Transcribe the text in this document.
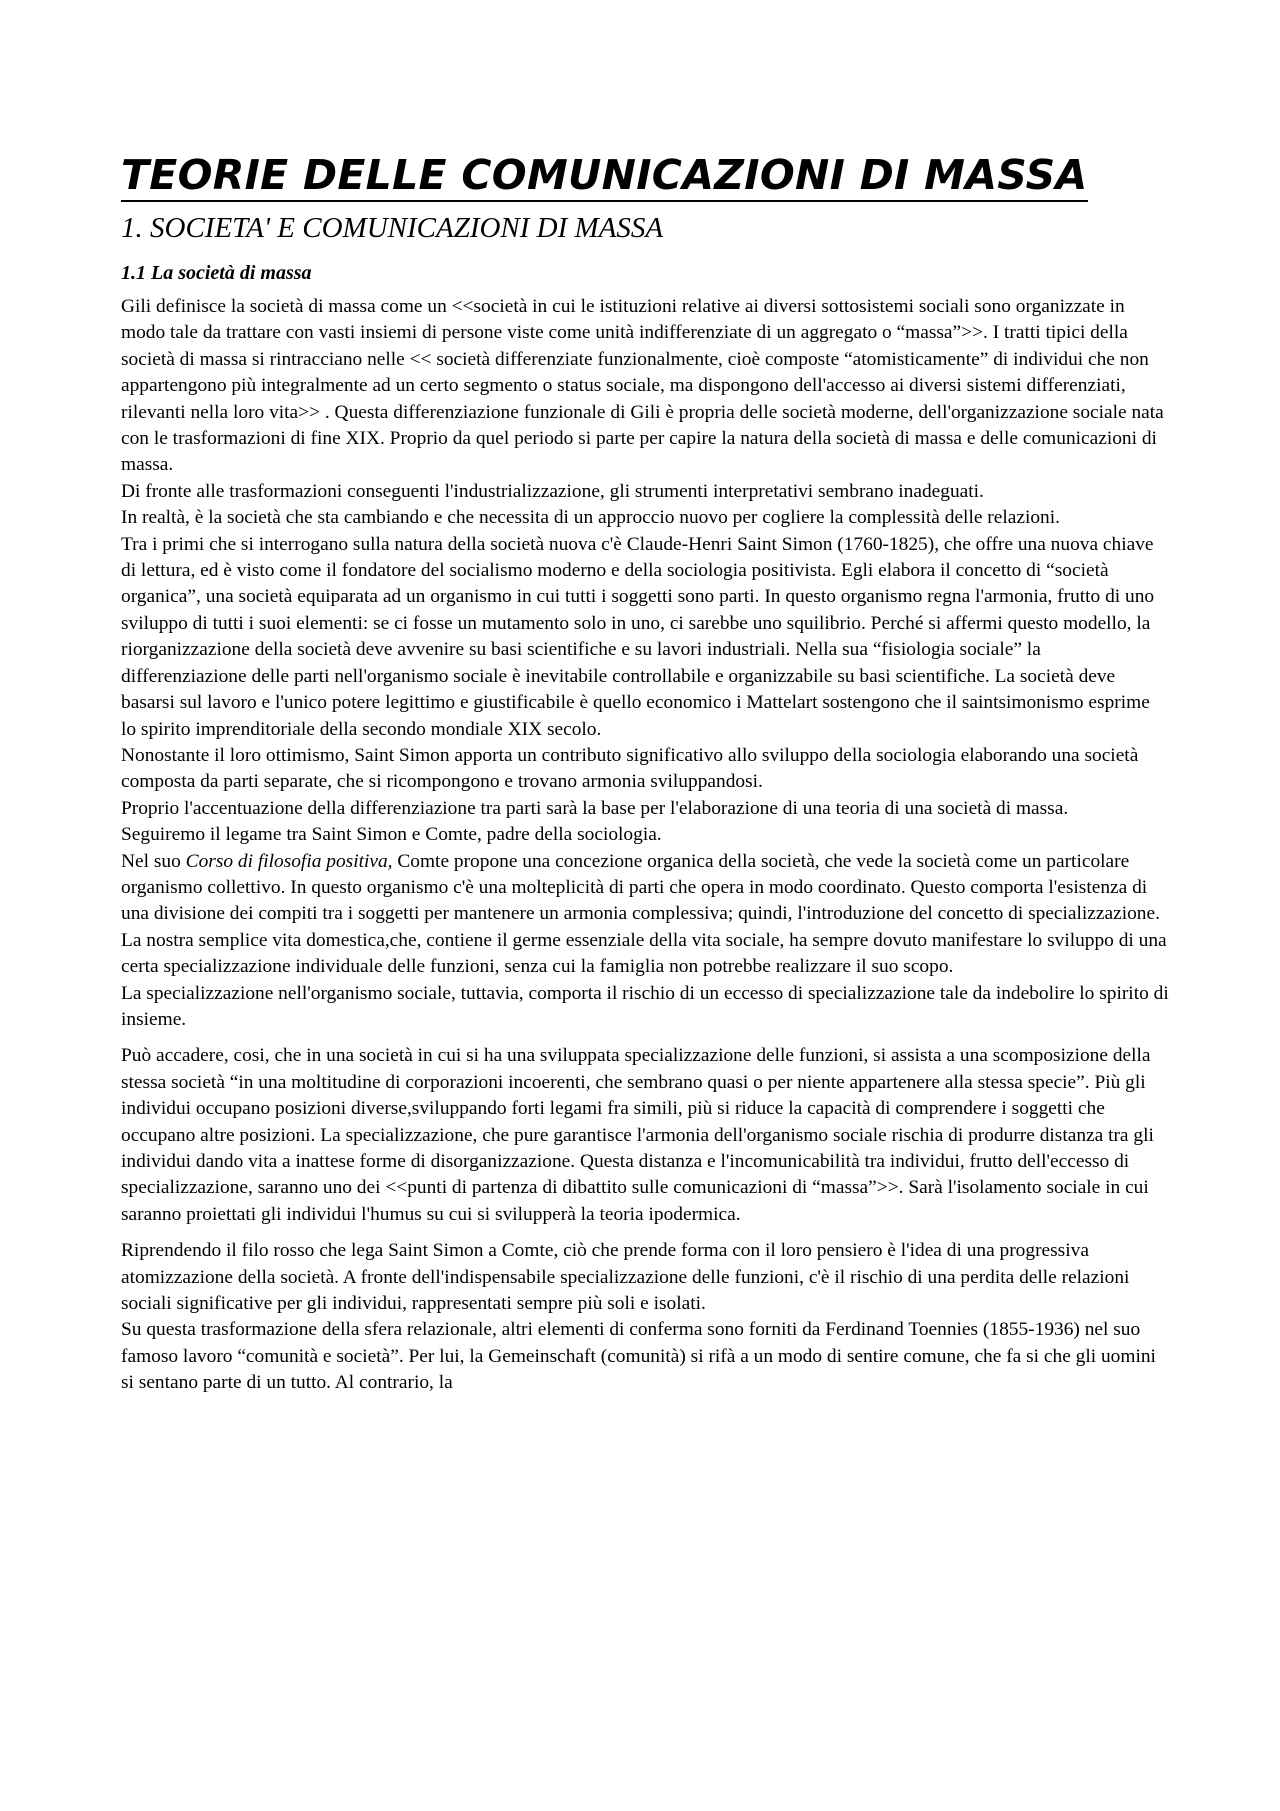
TEORIE DELLE COMUNICAZIONI DI MASSA
1. SOCIETA' E COMUNICAZIONI DI MASSA
1.1 La società di massa

Gili definisce la società di massa come un <<società in cui le istituzioni relative ai diversi sottosistemi sociali sono organizzate in modo tale da trattare con vasti insiemi di persone viste come unità indifferenziate di un aggregato o “massa”>>. I tratti tipici della società di massa si rintracciano nelle << società differenziate funzionalmente, cioè composte “atomisticamente” di individui che non appartengono più integralmente ad un certo segmento o status sociale, ma dispongono dell'accesso ai diversi sistemi differenziati, rilevanti nella loro vita>> . Questa differenziazione funzionale di Gili è propria delle società moderne, dell'organizzazione sociale nata con le trasformazioni di fine XIX. Proprio da quel periodo si parte per capire la natura della società di massa e delle comunicazioni di massa.

Di fronte alle trasformazioni conseguenti l'industrializzazione, gli strumenti interpretativi sembrano inadeguati.

In realtà, è la società che sta cambiando e che necessita di un approccio nuovo per cogliere la complessità delle relazioni.

Tra i primi che si interrogano sulla natura della società nuova c'è Claude-Henri Saint Simon (1760-1825), che offre una nuova chiave di lettura, ed è visto come il fondatore del socialismo moderno e della sociologia positivista. Egli elabora il concetto di “società organica”, una società equiparata ad un organismo in cui tutti i soggetti sono parti. In questo organismo regna l'armonia, frutto di uno sviluppo di tutti i suoi elementi: se ci fosse un mutamento solo in uno, ci sarebbe uno squilibrio. Perché si affermi questo modello, la riorganizzazione della società deve avvenire su basi scientifiche e su lavori industriali. Nella sua “fisiologia sociale” la differenziazione delle parti nell'organismo sociale è inevitabile controllabile e organizzabile su basi scientifiche. La società deve basarsi sul lavoro e l'unico potere legittimo e giustificabile è quello economico i Mattelart sostengono che il saintsimonismo esprime lo spirito imprenditoriale della secondo mondiale XIX secolo.

Nonostante il loro ottimismo, Saint Simon apporta un contributo significativo allo sviluppo della sociologia elaborando una società composta da parti separate, che si ricompongono e trovano armonia sviluppandosi.

Proprio l'accentuazione della differenziazione tra parti sarà la base per l'elaborazione di una teoria di una società di massa.

Seguiremo il legame tra Saint Simon e Comte, padre della sociologia.

Nel suo Corso di filosofia positiva, Comte propone una concezione organica della società, che vede la società come un particolare organismo collettivo. In questo organismo c'è una molteplicità di parti che opera in modo coordinato. Questo comporta l'esistenza di una divisione dei compiti tra i soggetti per mantenere un armonia complessiva; quindi, l'introduzione del concetto di specializzazione. La nostra semplice vita domestica,che, contiene il germe essenziale della vita sociale, ha sempre dovuto manifestare lo sviluppo di una certa specializzazione individuale delle funzioni, senza cui la famiglia non potrebbe realizzare il suo scopo.

La specializzazione nell'organismo sociale, tuttavia, comporta il rischio di un eccesso di specializzazione tale da indebolire lo spirito di insieme.

Può accadere, cosi, che in una società in cui si ha una sviluppata specializzazione delle funzioni, si assista a una scomposizione della stessa società “in una moltitudine di corporazioni incoerenti, che sembrano quasi o per niente appartenere alla stessa specie”. Più gli individui occupano posizioni diverse,sviluppando forti legami fra simili, più si riduce la capacità di comprendere i soggetti che occupano altre posizioni. La specializzazione, che pure garantisce l'armonia dell'organismo sociale rischia di produrre distanza tra gli individui dando vita a inattese forme di disorganizzazione. Questa distanza e l'incomunicabilità tra individui, frutto dell'eccesso di specializzazione, saranno uno dei <<punti di partenza di dibattito sulle comunicazioni di “massa”>>. Sarà l'isolamento sociale in cui saranno proiettati gli individui l'humus su cui si svilupperà la teoria ipodermica.

Riprendendo il filo rosso che lega Saint Simon a Comte, ciò che prende forma con il loro pensiero è l'idea di una progressiva atomizzazione della società. A fronte dell'indispensabile specializzazione delle funzioni, c'è il rischio di una perdita delle relazioni sociali significative per gli individui, rappresentati sempre più soli e isolati.

Su questa trasformazione della sfera relazionale, altri elementi di conferma sono forniti da Ferdinand Toennies (1855-1936) nel suo famoso lavoro “comunità e società”. Per lui, la Gemeinschaft (comunità) si rifà a un modo di sentire comune, che fa si che gli uomini si sentano parte di un tutto. Al contrario, la
